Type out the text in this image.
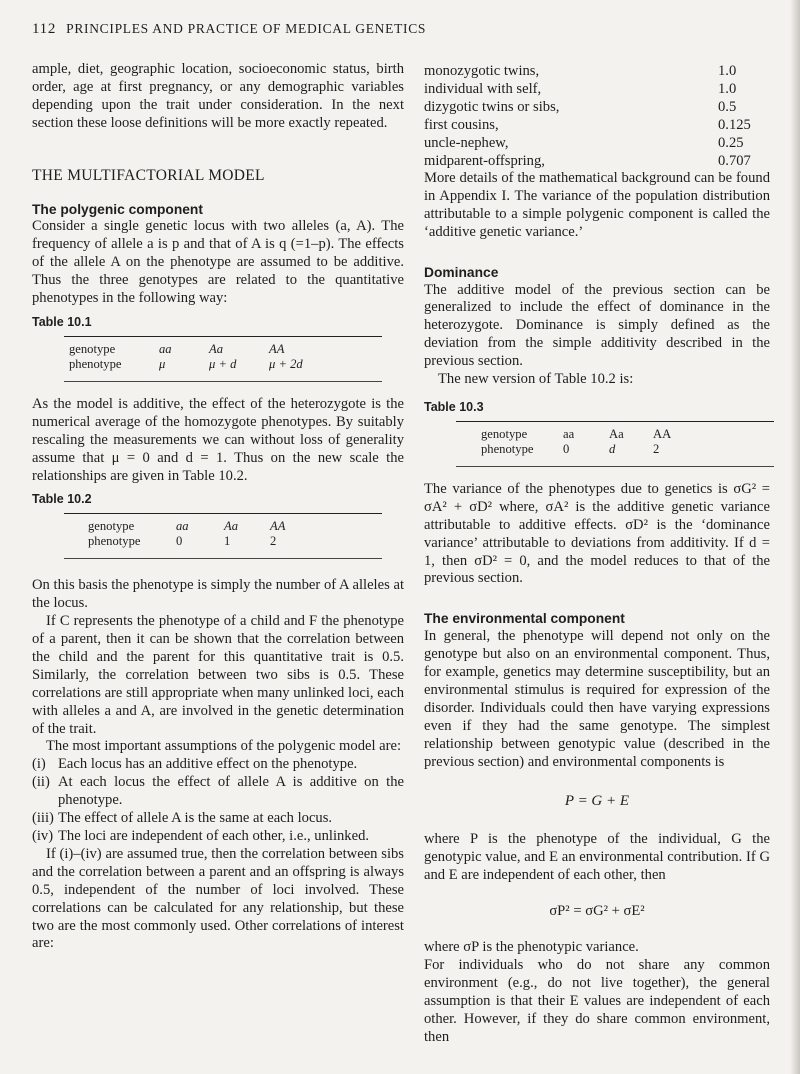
112 PRINCIPLES AND PRACTICE OF MEDICAL GENETICS

ample, diet, geographic location, socioeconomic status, birth order, age at first pregnancy, or any demographic variables depending upon the trait under consideration. In the next section these loose definitions will be more exactly repeated.

THE MULTIFACTORIAL MODEL
The polygenic component

Consider a single genetic locus with two alleles (a, A). The frequency of allele a is p and that of A is q (=1–p). The effects of the allele A on the phenotype are assumed to be additive. Thus the three genotypes are related to the quantitative phenotypes in the following way:

Table 10.1
genotype	aa	Aa	AA
phenotype	μ	μ + d	μ + 2d

As the model is additive, the effect of the heterozygote is the numerical average of the homozygote phenotypes. By suitably rescaling the measurements we can without loss of generality assume that μ = 0 and d = 1. Thus on the new scale the relationships are given in Table 10.2.

Table 10.2
genotype	aa	Aa	AA
phenotype	0	1	2

On this basis the phenotype is simply the number of A alleles at the locus.

If C represents the phenotype of a child and F the phenotype of a parent, then it can be shown that the correlation between the child and the parent for this quantitative trait is 0.5. Similarly, the correlation between two sibs is 0.5. These correlations are still appropriate when many unlinked loci, each with alleles a and A, are involved in the genetic determination of the trait.

The most important assumptions of the polygenic model are:

(i) Each locus has an additive effect on the phenotype.
(ii) At each locus the effect of allele A is additive on the phenotype.
(iii) The effect of allele A is the same at each locus.
(iv) The loci are independent of each other, i.e., unlinked.

If (i)–(iv) are assumed true, then the correlation between sibs and the correlation between a parent and an offspring is always 0.5, independent of the number of loci involved. These correlations can be calculated for any relationship, but these two are the most commonly used. Other correlations of interest are:

monozygotic twins,	1.0
individual with self,	1.0
dizygotic twins or sibs,	0.5
first cousins,	0.125
uncle-nephew,	0.25
midparent-offspring,	0.707

More details of the mathematical background can be found in Appendix I. The variance of the population distribution attributable to a simple polygenic component is called the ‘additive genetic variance.’

Dominance

The additive model of the previous section can be generalized to include the effect of dominance in the heterozygote. Dominance is simply defined as the deviation from the simple additivity described in the previous section.

The new version of Table 10.2 is:

Table 10.3
genotype	aa	Aa	AA
phenotype	0	d	2

The variance of the phenotypes due to genetics is σG² = σA² + σD² where, σA² is the additive genetic variance attributable to additive effects. σD² is the ‘dominance variance’ attributable to deviations from additivity. If d = 1, then σD² = 0, and the model reduces to that of the previous section.

The environmental component

In general, the phenotype will depend not only on the genotype but also on an environmental component. Thus, for example, genetics may determine susceptibility, but an environmental stimulus is required for expression of the disorder. Individuals could then have varying expressions even if they had the same genotype. The simplest relationship between genotypic value (described in the previous section) and environmental components is

P = G + E

where P is the phenotype of the individual, G the genotypic value, and E an environmental contribution. If G and E are independent of each other, then

σP² = σG² + σE²

where σP is the phenotypic variance.

For individuals who do not share any common environment (e.g., do not live together), the general assumption is that their E values are independent of each other. However, if they do share common environment, then
